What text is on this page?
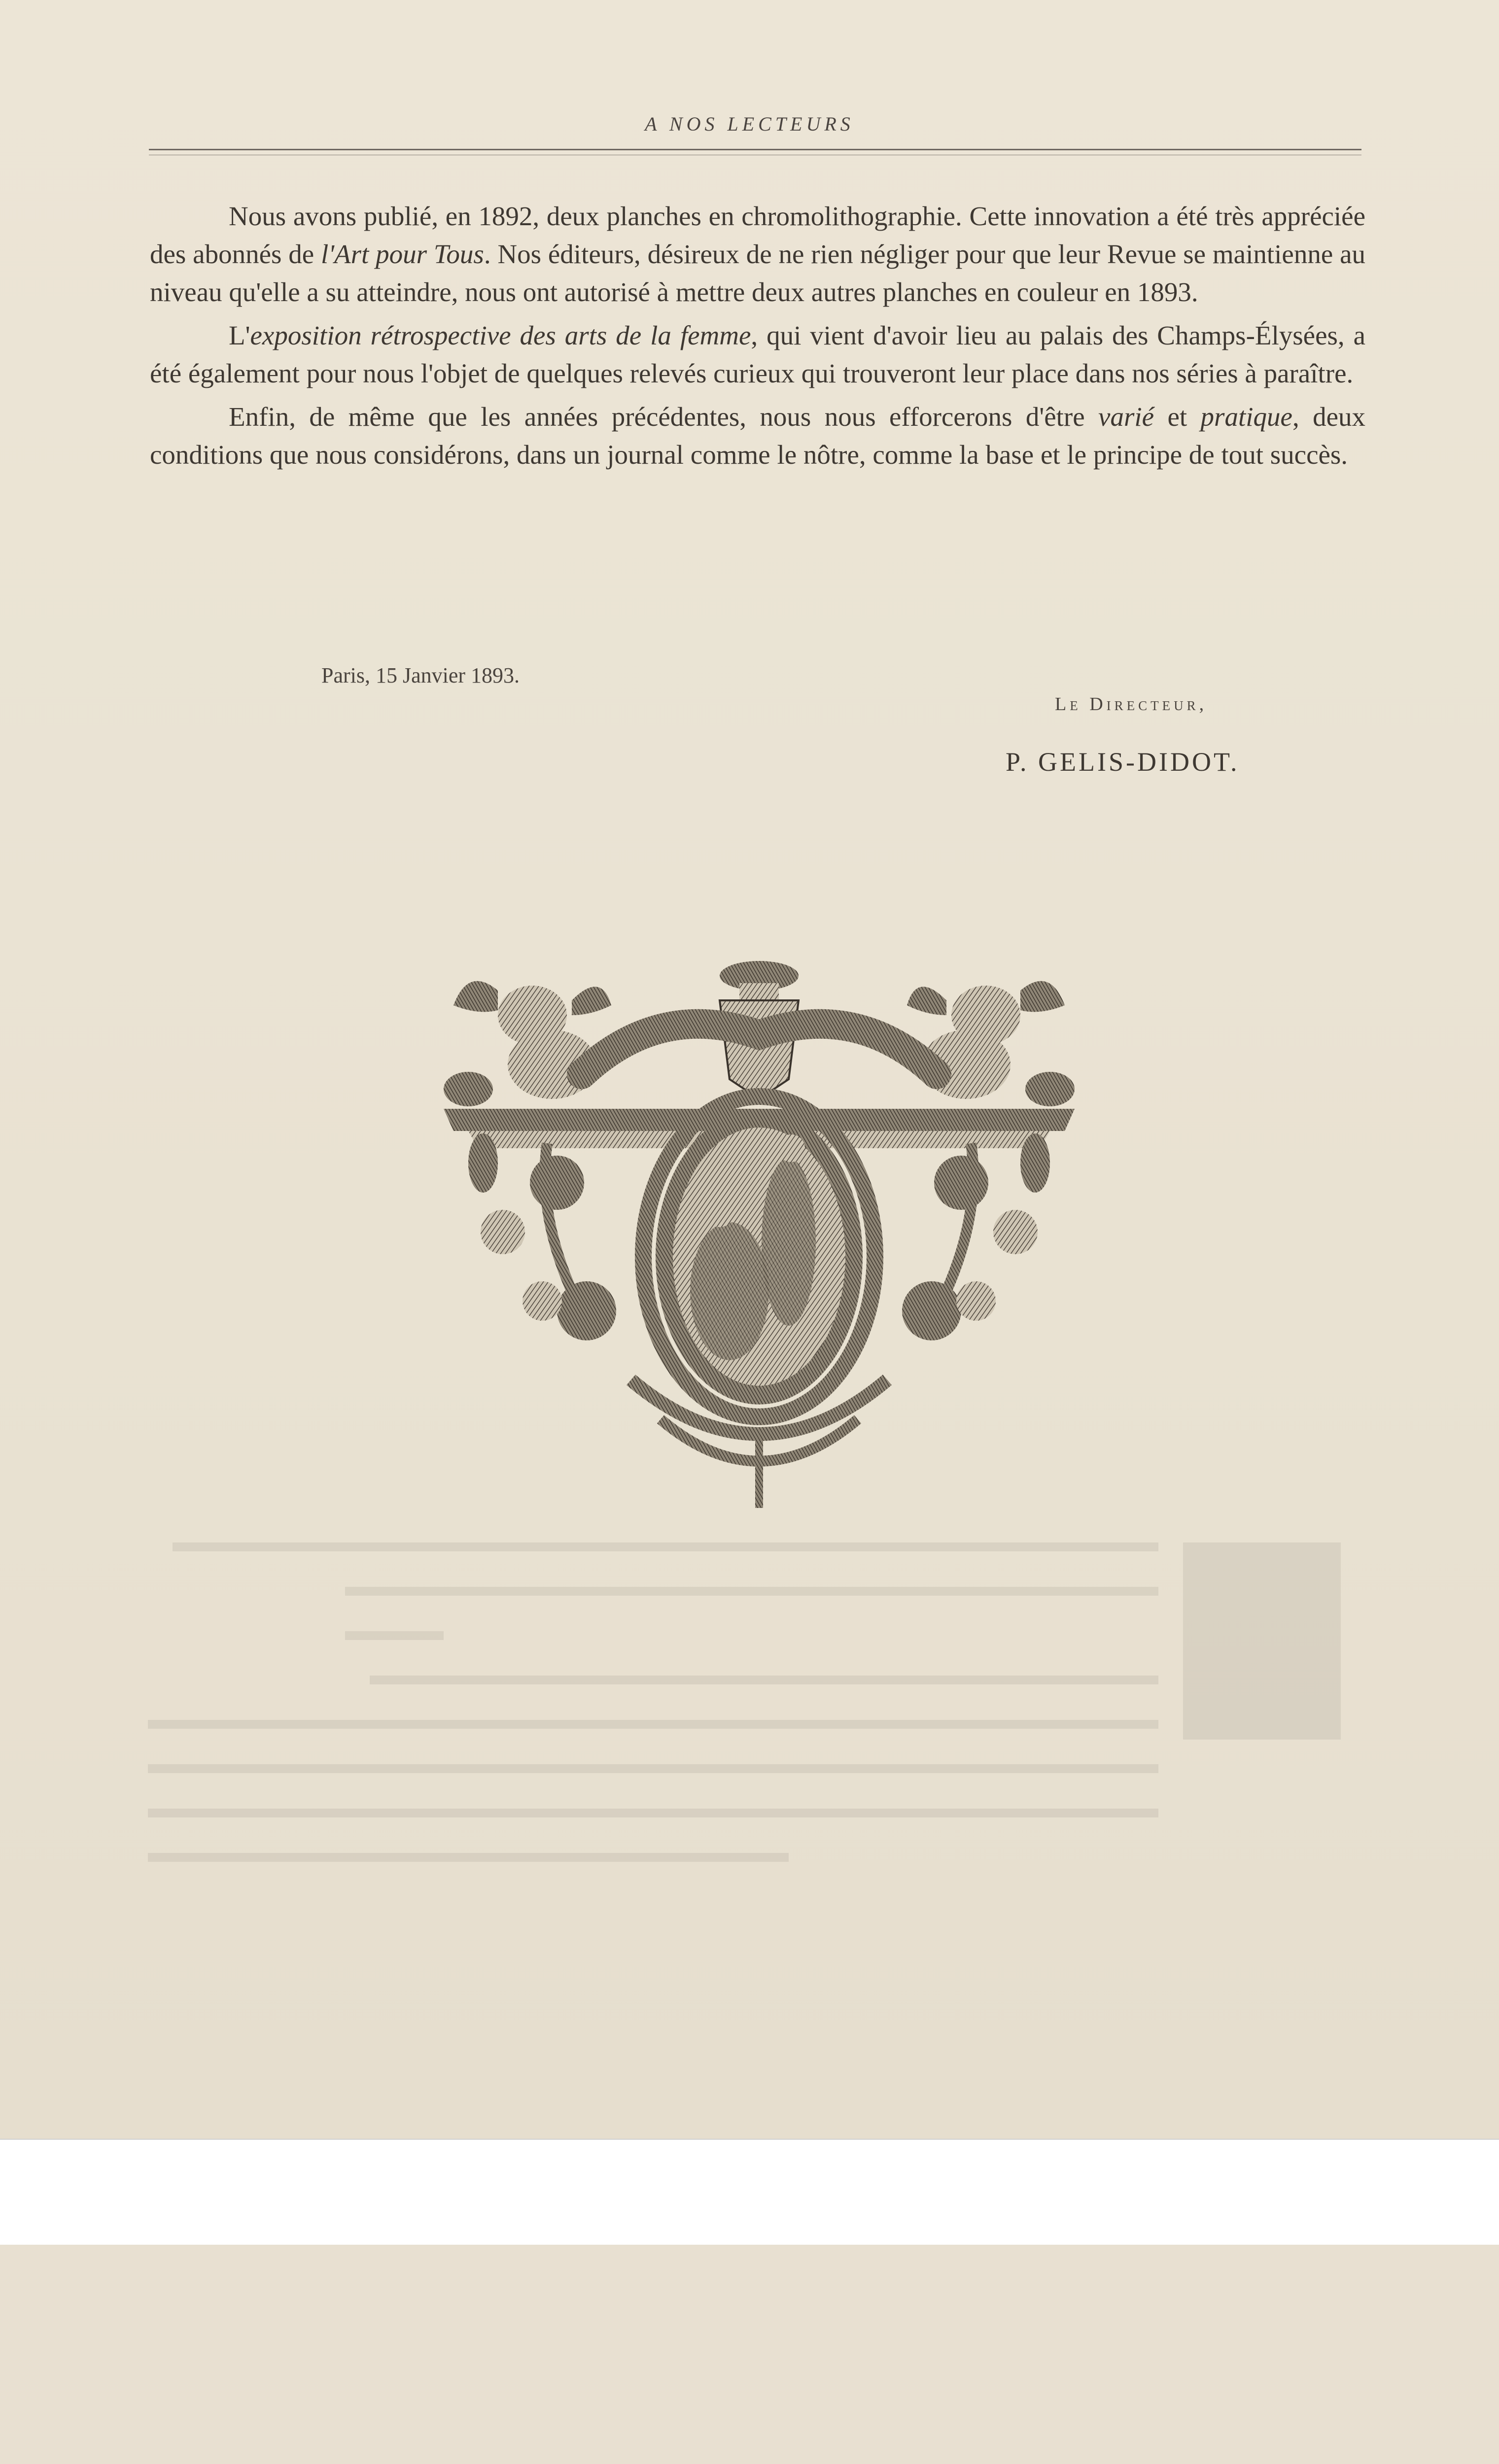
A NOS LECTEURS

Nous avons publié, en 1892, deux planches en chromolithographie. Cette innovation a été très appréciée des abonnés de l'Art pour Tous. Nos éditeurs, désireux de ne rien négliger pour que leur Revue se maintienne au niveau qu'elle a su atteindre, nous ont autorisé à mettre deux autres planches en couleur en 1893.

L'exposition rétrospective des arts de la femme, qui vient d'avoir lieu au palais des Champs-Élysées, a été également pour nous l'objet de quelques relevés curieux qui trouveront leur place dans nos séries à paraître.

Enfin, de même que les années précédentes, nous nous efforcerons d'être varié et pratique, deux conditions que nous considérons, dans un journal comme le nôtre, comme la base et le principe de tout succès.

Paris, 15 Janvier 1893.
Le Directeur,
P. GELIS-DIDOT.
